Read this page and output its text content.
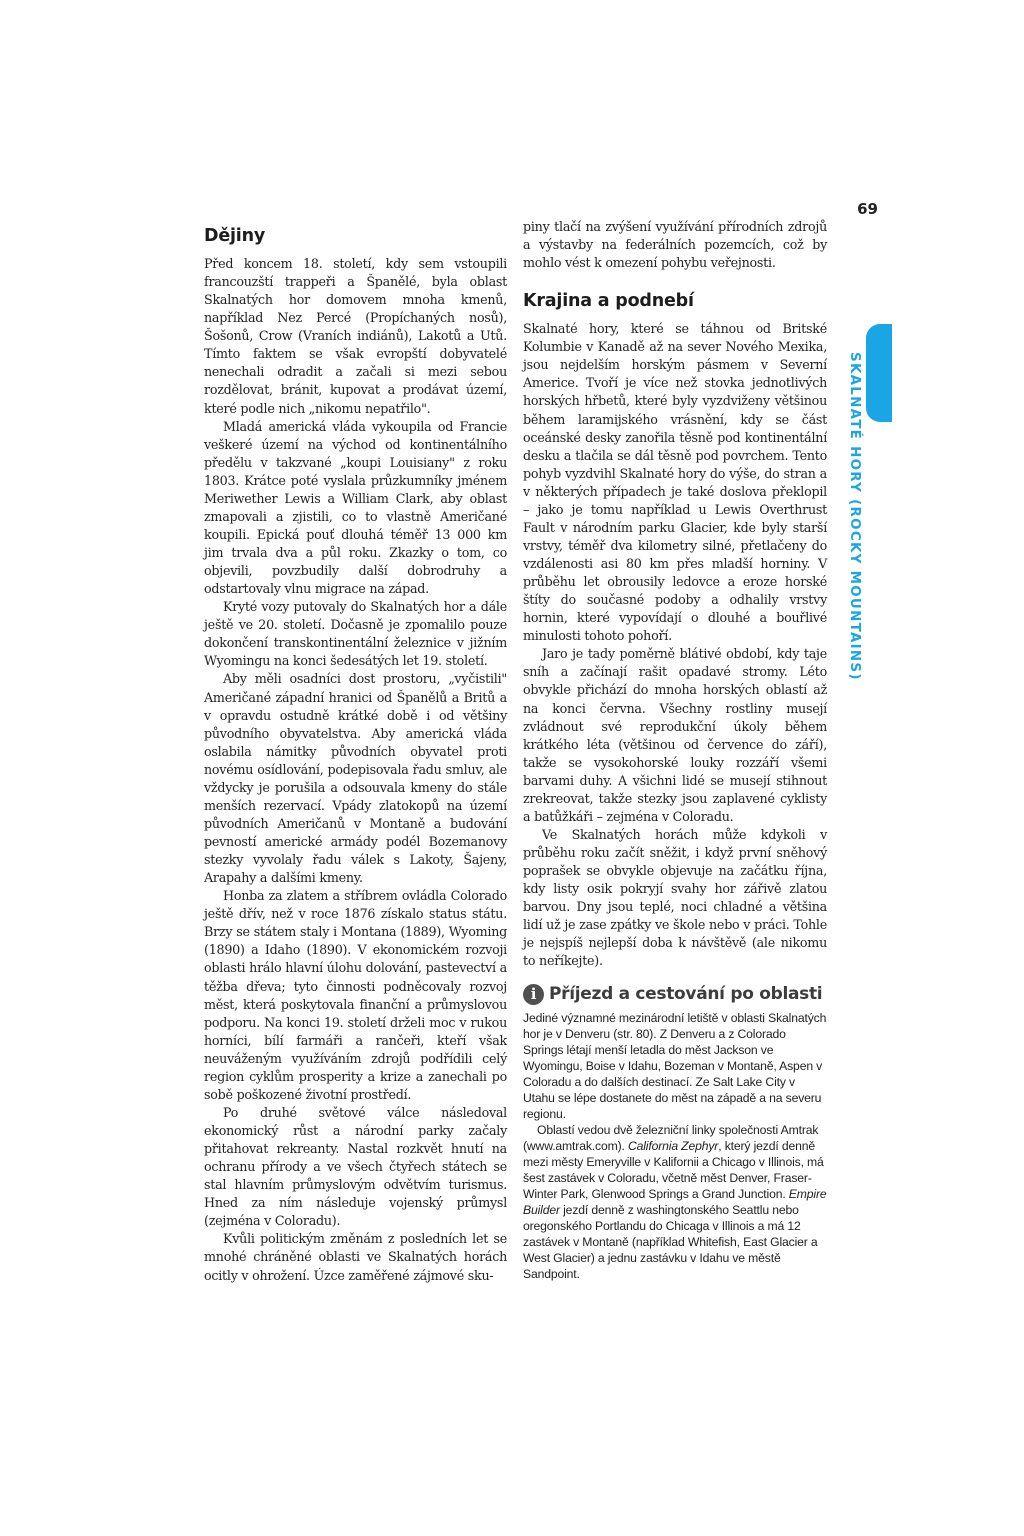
69
SKALNATÉ HORY (ROCKY MOUNTAINS)
Dějiny

Před koncem 18. století, kdy sem vstoupili francouzští trappeři a Španělé, byla oblast Skalnatých hor domovem mnoha kmenů, například Nez Percé (Propíchaných nosů), Šošonů, Crow (Vraních indiánů), Lakotů a Utů. Tímto faktem se však evropští dobyvatelé nenechali odradit a začali si mezi sebou rozdělovat, bránit, kupovat a prodávat území, které podle nich „nikomu nepatřilo".

Mladá americká vláda vykoupila od Francie veškeré území na východ od kontinentálního předělu v takzvané „koupi Louisiany" z roku 1803. Krátce poté vyslala průzkumníky jménem Meriwether Lewis a William Clark, aby oblast zmapovali a zjistili, co to vlastně Američané koupili. Epická pouť dlouhá téměř 13 000 km jim trvala dva a půl roku. Zkazky o tom, co objevili, povzbudily další dobrodruhy a odstartovaly vlnu migrace na západ.

Kryté vozy putovaly do Skalnatých hor a dále ještě ve 20. století. Dočasně je zpomalilo pouze dokončení transkontinentální železnice v jižním Wyomingu na konci šedesátých let 19. století.

Aby měli osadníci dost prostoru, „vyčistili" Američané západní hranici od Španělů a Britů a v opravdu ostudně krátké době i od většiny původního obyvatelstva. Aby americká vláda oslabila námitky původních obyvatel proti novému osídlování, podepisovala řadu smluv, ale vždycky je porušila a odsouvala kmeny do stále menších rezervací. Vpády zlatokopů na území původních Američanů v Montaně a budování pevností americké armády podél Bozemanovy stezky vyvolaly řadu válek s Lakoty, Šajeny, Arapahy a dalšími kmeny.

Honba za zlatem a stříbrem ovládla Colorado ještě dřív, než v roce 1876 získalo status státu. Brzy se státem staly i Montana (1889), Wyoming (1890) a Idaho (1890). V ekonomickém rozvoji oblasti hrálo hlavní úlohu dolování, pastevectví a těžba dřeva; tyto činnosti podněcovaly rozvoj měst, která poskytovala finanční a průmyslovou podporu. Na konci 19. století drželi moc v rukou horníci, bílí farmáři a rančeři, kteří však neuváženým využíváním zdrojů podřídili celý region cyklům prosperity a krize a zanechali po sobě poškozené životní prostředí.

Po druhé světové válce následoval ekonomický růst a národní parky začaly přitahovat rekreanty. Nastal rozkvět hnutí na ochranu přírody a ve všech čtyřech státech se stal hlavním průmyslovým odvětvím turismus. Hned za ním následuje vojenský průmysl (zejména v Coloradu).

Kvůli politickým změnám z posledních let se mnohé chráněné oblasti ve Skalnatých horách ocitly v ohrožení. Úzce zaměřené zájmové sku-

piny tlačí na zvýšení využívání přírodních zdrojů a výstavby na federálních pozemcích, což by mohlo vést k omezení pohybu veřejnosti.

Krajina a podnebí

Skalnaté hory, které se táhnou od Britské Kolumbie v Kanadě až na sever Nového Mexika, jsou nejdelším horským pásmem v Severní Americe. Tvoří je více než stovka jednotlivých horských hřbetů, které byly vyzdviženy většinou během laramijského vrásnění, kdy se část oceánské desky zanořila těsně pod kontinentální desku a tlačila se dál těsně pod povrchem. Tento pohyb vyzdvihl Skalnaté hory do výše, do stran a v některých případech je také doslova překlopil – jako je tomu například u Lewis Overthrust Fault v národním parku Glacier, kde byly starší vrstvy, téměř dva kilometry silné, přetlačeny do vzdálenosti asi 80 km přes mladší horniny. V průběhu let obrousily ledovce a eroze horské štíty do současné podoby a odhalily vrstvy hornin, které vypovídají o dlouhé a bouřlivé minulosti tohoto pohoří.

Jaro je tady poměrně blátivé období, kdy taje sníh a začínají rašit opadavé stromy. Léto obvykle přichází do mnoha horských oblastí až na konci června. Všechny rostliny musejí zvládnout své reprodukční úkoly během krátkého léta (většinou od července do září), takže se vysokohorské louky rozzáří všemi barvami duhy. A všichni lidé se musejí stihnout zrekreovat, takže stezky jsou zaplavené cyklisty a batůžkáři – zejména v Coloradu.

Ve Skalnatých horách může kdykoli v průběhu roku začít sněžit, i když první sněhový poprašek se obvykle objevuje na začátku října, kdy listy osik pokryjí svahy hor zářivě zlatou barvou. Dny jsou teplé, noci chladné a většina lidí už je zase zpátky ve škole nebo v práci. Tohle je nejspíš nejlepší doba k návštěvě (ale nikomu to neříkejte).

i Příjezd a cestování po oblasti

Jediné významné mezinárodní letiště v oblasti Skalnatých hor je v Denveru (str. 80). Z Denveru a z Colorado Springs létají menší letadla do měst Jackson ve Wyomingu, Boise v Idahu, Bozeman v Montaně, Aspen v Coloradu a do dalších destinací. Ze Salt Lake City v Utahu se lépe dostanete do měst na západě a na severu regionu.

Oblastí vedou dvě železniční linky společnosti Amtrak (www.amtrak.com). California Zephyr, který jezdí denně mezi městy Emeryville v Kalifornii a Chicago v Illinois, má šest zastávek v Coloradu, včetně měst Denver, Fraser-Winter Park, Glenwood Springs a Grand Junction. Empire Builder jezdí denně z washingtonského Seattlu nebo oregonského Portlandu do Chicaga v Illinois a má 12 zastávek v Montaně (například Whitefish, East Glacier a West Glacier) a jednu zastávku v Idahu ve městě Sandpoint.
